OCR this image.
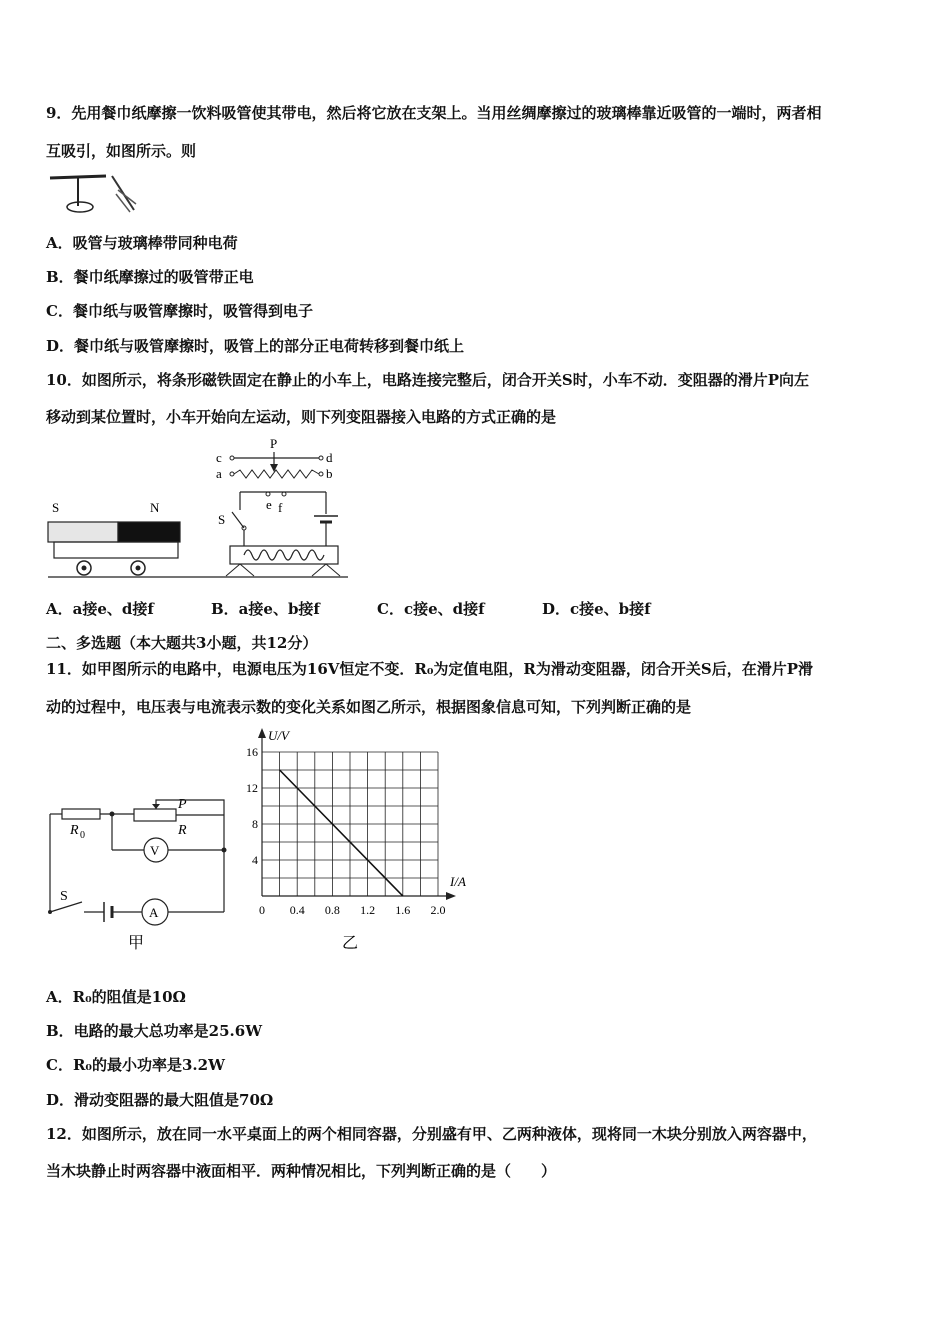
9．先用餐巾纸摩擦一饮料吸管使其带电，然后将它放在支架上。当用丝绸摩擦过的玻璃棒靠近吸管的一端时，两者相
互吸引，如图所示。则
A．吸管与玻璃棒带同种电荷
B．餐巾纸摩擦过的吸管带正电
C．餐巾纸与吸管摩擦时，吸管得到电子
D．餐巾纸与吸管摩擦时，吸管上的部分正电荷转移到餐巾纸上
10．如图所示，将条形磁铁固定在静止的小车上，电路连接完整后，闭合开关S时，小车不动．变阻器的滑片P向左
移动到某位置时，小车开始向左运动，则下列变阻器接入电路的方式正确的是
P
c	d
a	b
e f
S
S	N
A．a接e、d接f	B．a接e、b接f	C．c接e、d接f	D．c接e、b接f
二、多选题（本大题共3小题，共12分）
11．如甲图所示的电路中，电源电压为16V恒定不变．R₀为定值电阻，R为滑动变阻器，闭合开关S后，在滑片P滑
动的过程中，电压表与电流表示数的变化关系如图乙所示，根据图象信息可知，下列判断正确的是
R 0
P
R
V
S
A
甲
0 0.4 0.8 1.2 1.6 2.0
4
8
12
16
U/V
I/A
乙
A．R₀的阻值是10Ω
B．电路的最大总功率是25.6W
C．R₀的最小功率是3.2W
D．滑动变阻器的最大阻值是70Ω
12．如图所示，放在同一水平桌面上的两个相同容器，分别盛有甲、乙两种液体，现将同一木块分别放入两容器中，
当木块静止时两容器中液面相平．两种情况相比，下列判断正确的是（　　）
